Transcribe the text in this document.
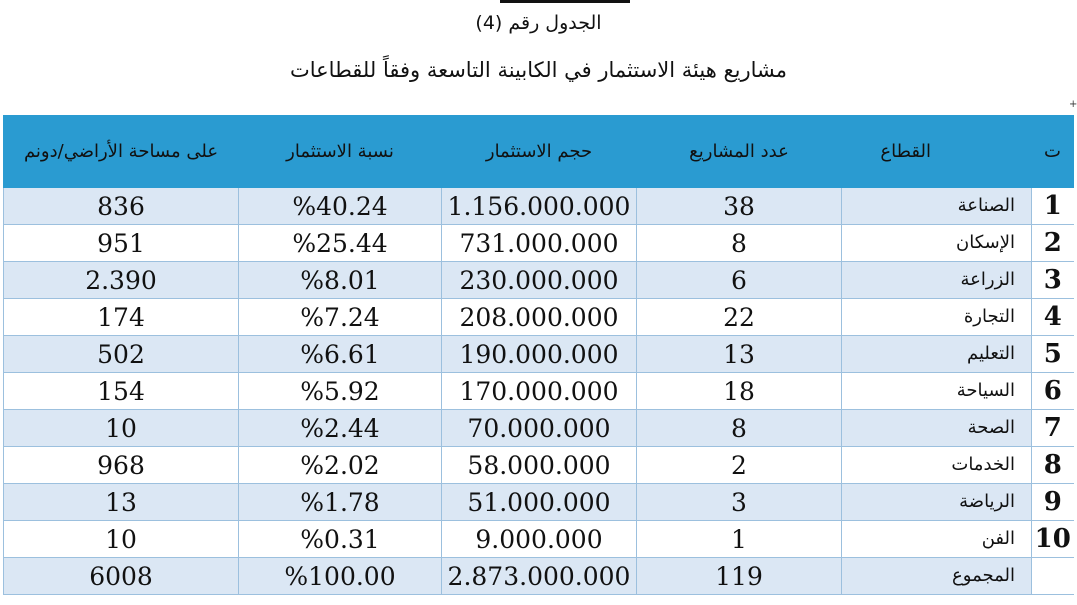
الجدول رقم (4)
مشاريع هيئة الاستثمار في الكابينة التاسعة وفقاً للقطاعات
+
ت	القطاع	عدد المشاريع	حجم الاستثمار	نسبة الاستثمار	على مساحة الأراضي/دونم
1	الصناعة	38	1.156.000.000	%40.24	836
2	الإسكان	8	731.000.000	%25.44	951
3	الزراعة	6	230.000.000	%8.01	2.390
4	التجارة	22	208.000.000	%7.24	174
5	التعليم	13	190.000.000	%6.61	502
6	السياحة	18	170.000.000	%5.92	154
7	الصحة	8	70.000.000	%2.44	10
8	الخدمات	2	58.000.000	%2.02	968
9	الرياضة	3	51.000.000	%1.78	13
10	الفن	1	9.000.000	%0.31	10
	المجموع	119	2.873.000.000	%100.00	6008
